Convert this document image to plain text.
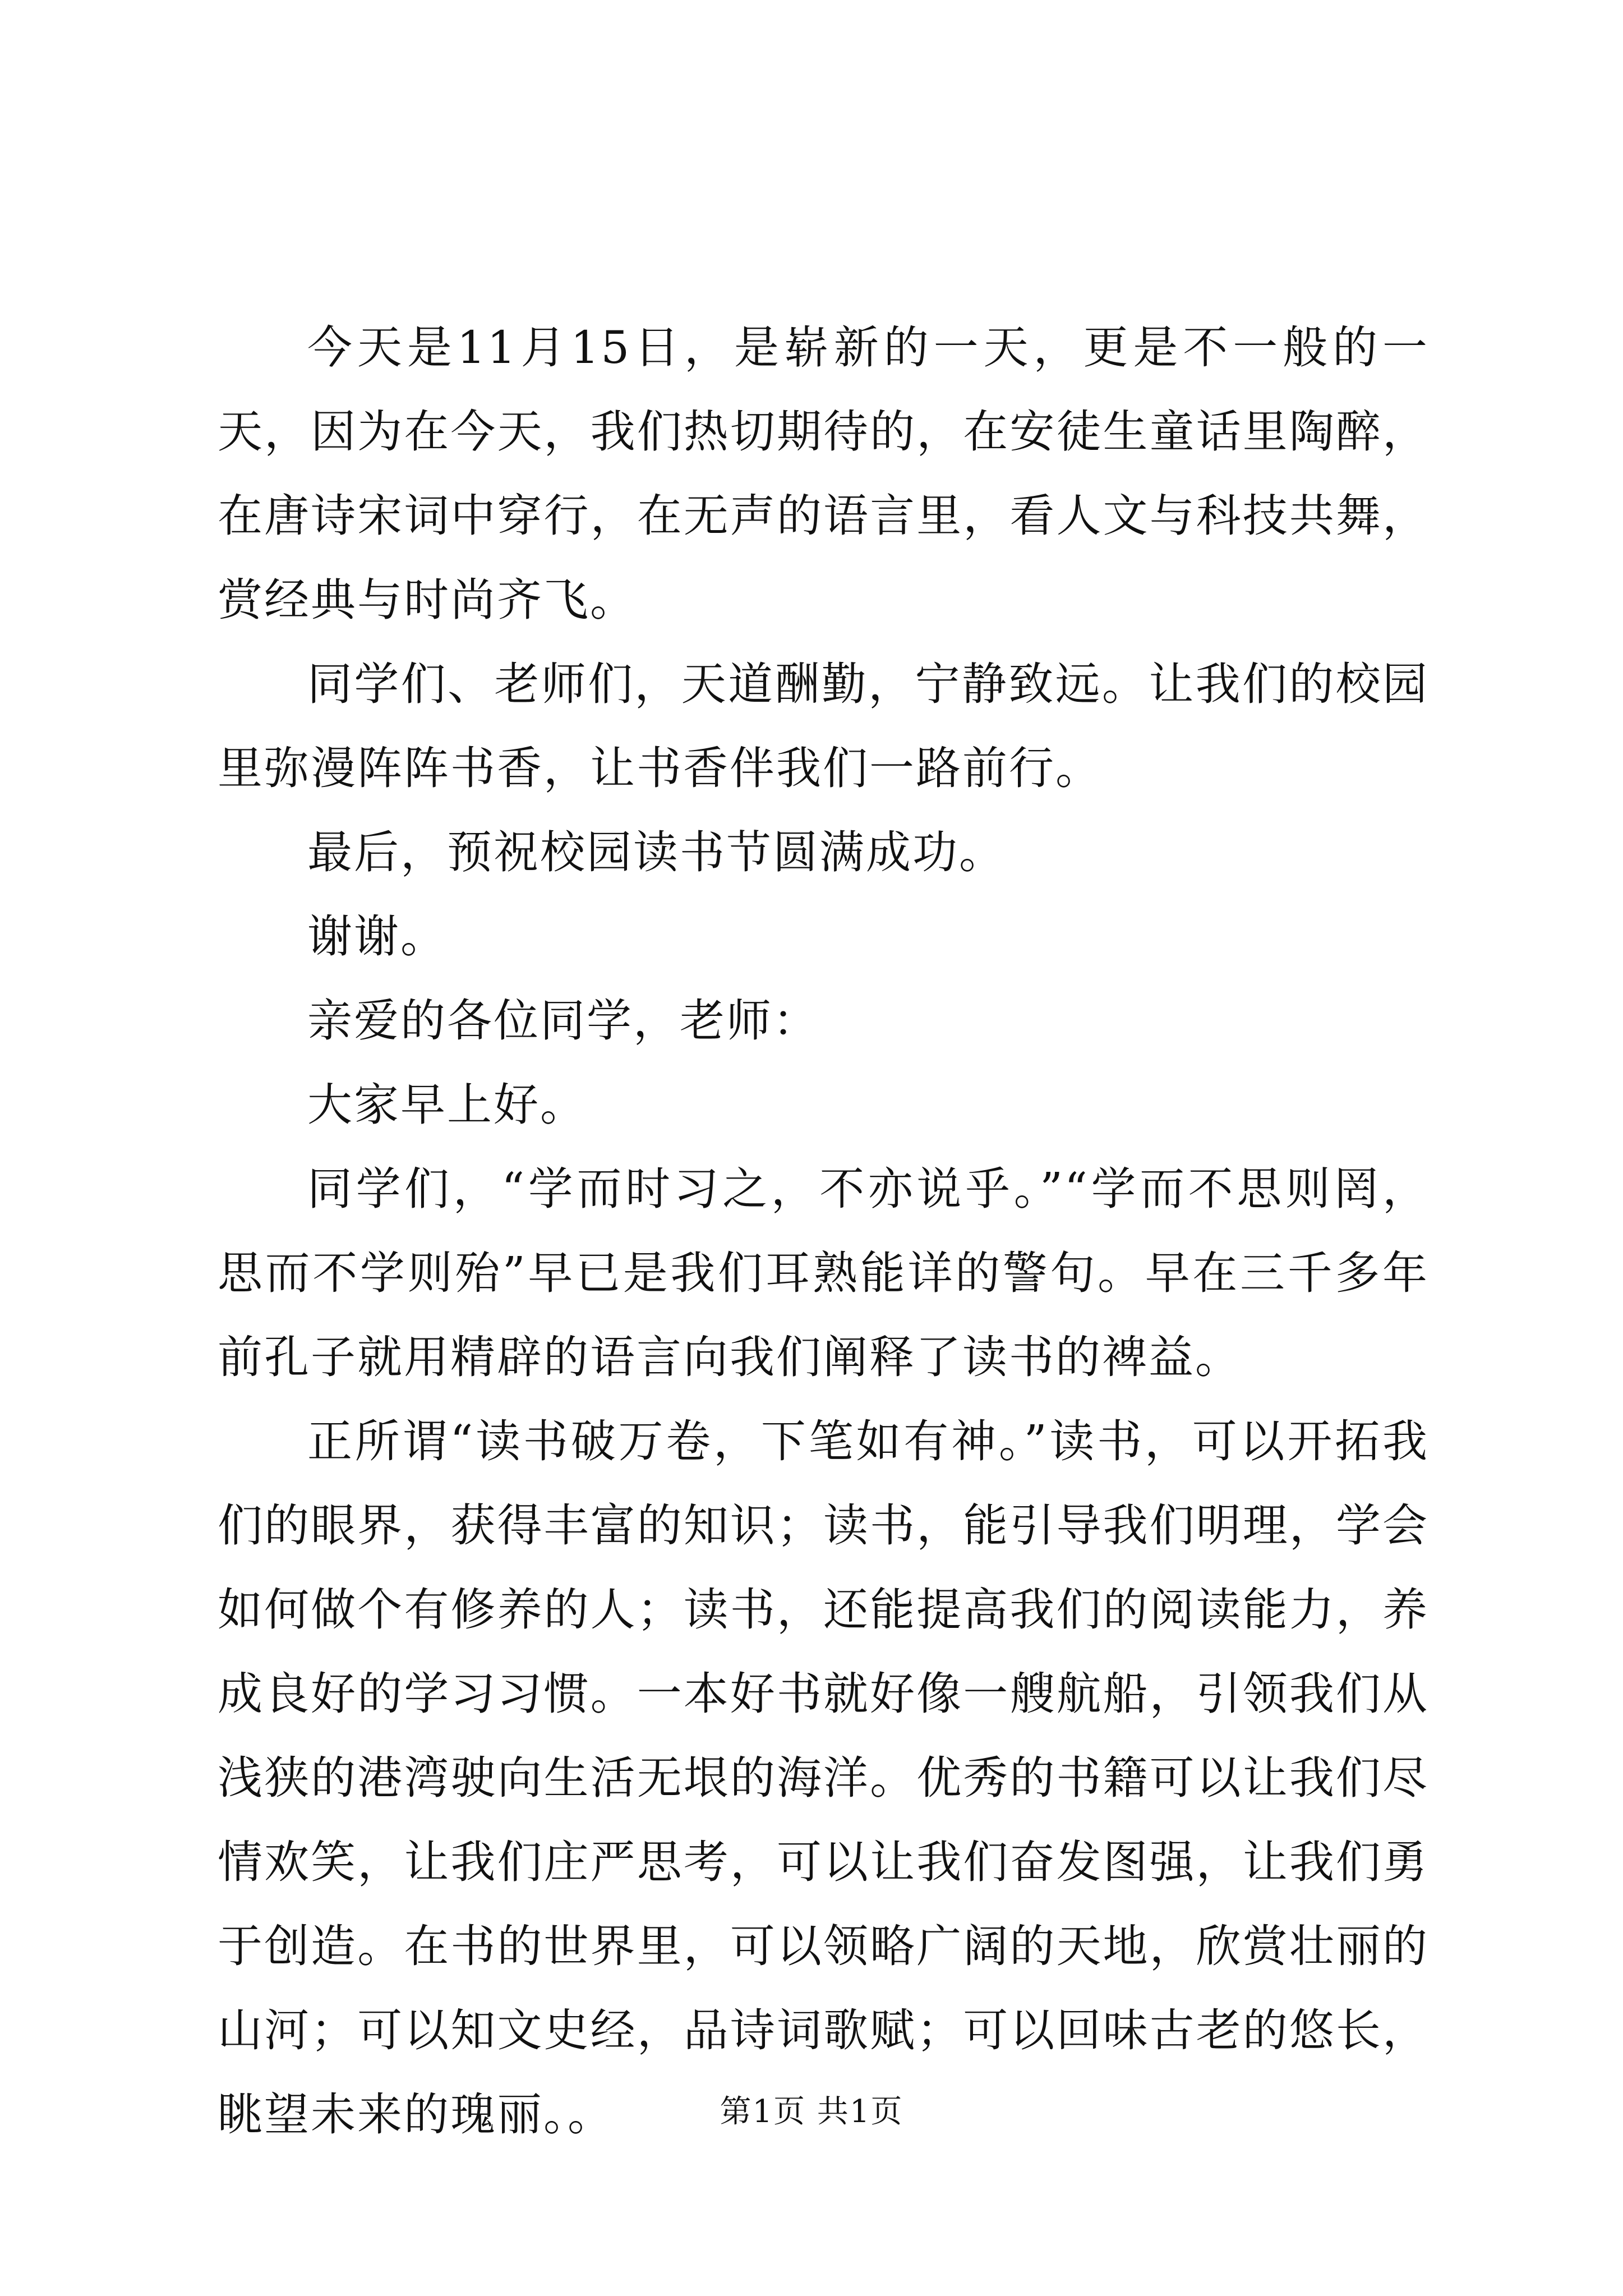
今天是11月15日，是崭新的一天，更是不一般的一天，因为在今天，我们热切期待的，在安徒生童话里陶醉，在唐诗宋词中穿行，在无声的语言里，看人文与科技共舞，赏经典与时尚齐飞。

同学们、老师们，天道酬勤，宁静致远。让我们的校园里弥漫阵阵书香，让书香伴我们一路前行。

最后，预祝校园读书节圆满成功。

谢谢。

亲爱的各位同学，老师：

大家早上好。

同学们，“学而时习之，不亦说乎。”“学而不思则罔，思而不学则殆”早已是我们耳熟能详的警句。早在三千多年前孔子就用精辟的语言向我们阐释了读书的裨益。

正所谓“读书破万卷，下笔如有神。”读书，可以开拓我们的眼界，获得丰富的知识；读书，能引导我们明理，学会如何做个有修养的人；读书，还能提高我们的阅读能力，养成良好的学习习惯。一本好书就好像一艘航船，引领我们从浅狭的港湾驶向生活无垠的海洋。优秀的书籍可以让我们尽情欢笑，让我们庄严思考，可以让我们奋发图强，让我们勇于创造。在书的世界里，可以领略广阔的天地，欣赏壮丽的山河；可以知文史经，品诗词歌赋；可以回味古老的悠长，眺望未来的瑰丽。。	第1页 共1页
